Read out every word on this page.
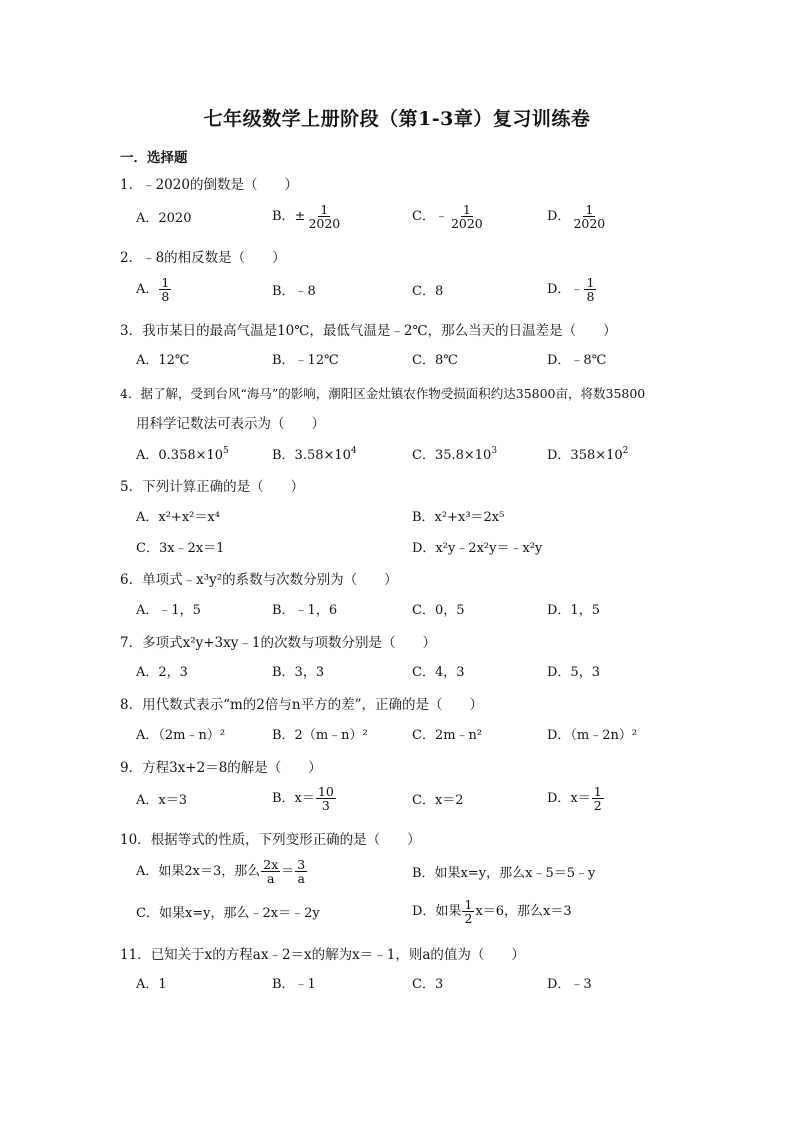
七年级数学上册阶段（第1-3章）复习训练卷
一．选择题
1．﹣2020的倒数是（　　）
A．2020	B．± $\frac{1}{2020}$	C．﹣ $\frac{1}{2020}$	D． $\frac{1}{2020}$
2．﹣8的相反数是（　　）
A． $\frac{1}{8}$	B．﹣8	C．8	D．﹣ $\frac{1}{8}$
3．我市某日的最高气温是10℃，最低气温是﹣2℃，那么当天的日温差是（　　）
A．12℃	B．﹣12℃	C．8℃	D．﹣8℃
4．据了解，受到台风“海马”的影响，潮阳区金灶镇农作物受损面积约达35800亩，将数35800
用科学记数法可表示为（　　）
A．$0.358\times 10^5$	B．$3.58\times 10^4$	C．$35.8\times 10^3$	D．$358\times 10^2$
5．下列计算正确的是（　　）
A．x²+x²＝x⁴	B．x²+x³＝2x⁵
C．3x﹣2x＝1	D．x²y﹣2x²y＝﹣x²y
6．单项式﹣x³y²的系数与次数分别为（　　）
A．﹣1，5	B．﹣1，6	C．0，5	D．1，5
7．多项式x²y+3xy﹣1的次数与项数分别是（　　）
A．2，3	B．3，3	C．4，3	D．5，3
8．用代数式表示“m的2倍与n平方的差”，正确的是（　　）
A．（2m﹣n）²	B．2（m﹣n）²	C．2m﹣n²	D．（m﹣2n）²
9．方程3x+2＝8的解是（　　）
A．x＝3	B．$x= \frac{10}{3}$	C．x＝2	D．$x= \frac{1}{2}$
10．根据等式的性质，下列变形正确的是（　　）
A．如果2x＝3，那么 $\frac{2x}{a} = \frac{3}{a}$	B．如果x=y，那么x﹣5＝5﹣y
C．如果x=y，那么﹣2x＝﹣2y	D．如果 $\frac{1}{2} x=6$，那么x＝3
11．已知关于x的方程ax﹣2＝x的解为x＝﹣1，则a的值为（　　）
A．1	B．﹣1	C．3	D．﹣3
